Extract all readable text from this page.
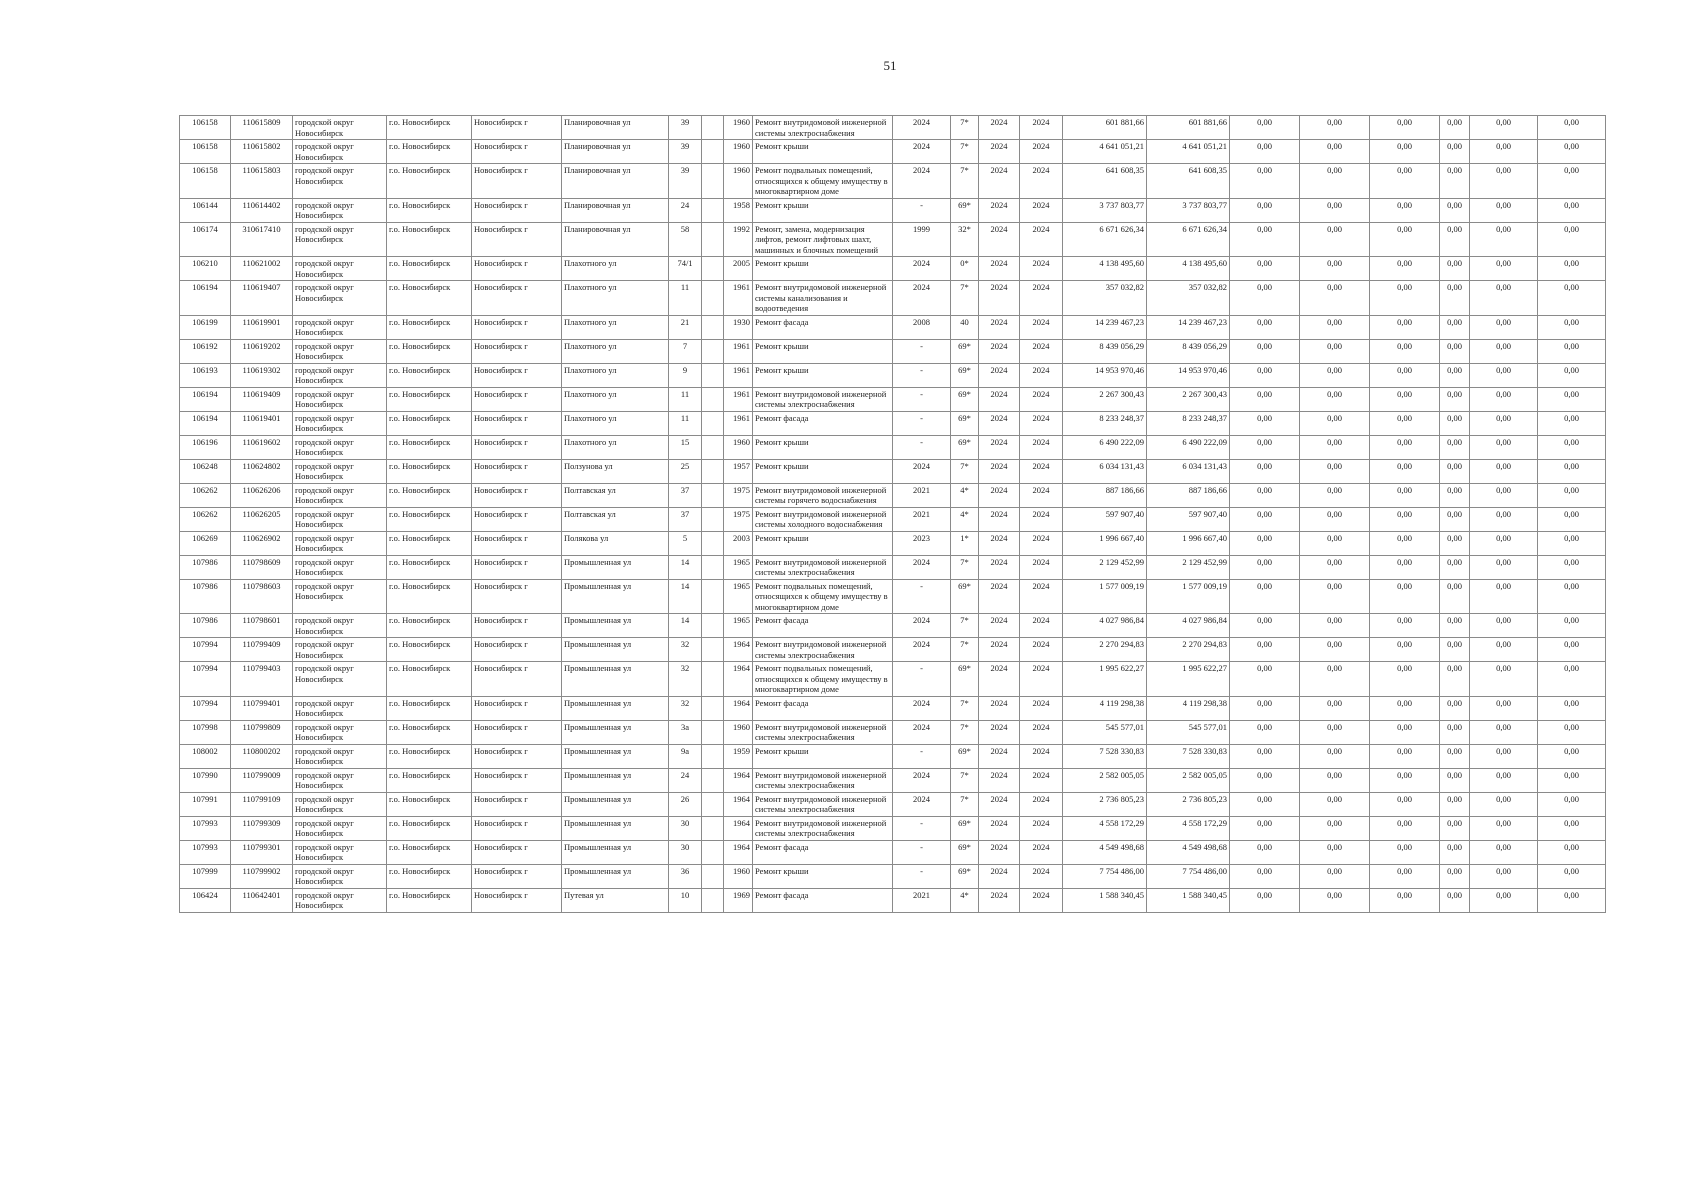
51
106158	110615809	городской округ Новосибирск	г.о. Новосибирск	Новосибирск г	Планировочная ул	39		1960	Ремонт внутридомовой инженерной системы электроснабжения	2024	7*	2024	2024	601 881,66	601 881,66	0,00	0,00	0,00	0,00	0,00	0,00
106158	110615802	городской округ Новосибирск	г.о. Новосибирск	Новосибирск г	Планировочная ул	39		1960	Ремонт крыши	2024	7*	2024	2024	4 641 051,21	4 641 051,21	0,00	0,00	0,00	0,00	0,00	0,00
106158	110615803	городской округ Новосибирск	г.о. Новосибирск	Новосибирск г	Планировочная ул	39		1960	Ремонт подвальных помещений, относящихся к общему имуществу в многоквартирном доме	2024	7*	2024	2024	641 608,35	641 608,35	0,00	0,00	0,00	0,00	0,00	0,00
106144	110614402	городской округ Новосибирск	г.о. Новосибирск	Новосибирск г	Планировочная ул	24		1958	Ремонт крыши	-	69*	2024	2024	3 737 803,77	3 737 803,77	0,00	0,00	0,00	0,00	0,00	0,00
106174	310617410	городской округ Новосибирск	г.о. Новосибирск	Новосибирск г	Планировочная ул	58		1992	Ремонт, замена, модернизация лифтов, ремонт лифтовых шахт, машинных и блочных помещений	1999	32*	2024	2024	6 671 626,34	6 671 626,34	0,00	0,00	0,00	0,00	0,00	0,00
106210	110621002	городской округ Новосибирск	г.о. Новосибирск	Новосибирск г	Плахотного ул	74/1		2005	Ремонт крыши	2024	0*	2024	2024	4 138 495,60	4 138 495,60	0,00	0,00	0,00	0,00	0,00	0,00
106194	110619407	городской округ Новосибирск	г.о. Новосибирск	Новосибирск г	Плахотного ул	11		1961	Ремонт внутридомовой инженерной системы канализования и водоотведения	2024	7*	2024	2024	357 032,82	357 032,82	0,00	0,00	0,00	0,00	0,00	0,00
106199	110619901	городской округ Новосибирск	г.о. Новосибирск	Новосибирск г	Плахотного ул	21		1930	Ремонт фасада	2008	40	2024	2024	14 239 467,23	14 239 467,23	0,00	0,00	0,00	0,00	0,00	0,00
106192	110619202	городской округ Новосибирск	г.о. Новосибирск	Новосибирск г	Плахотного ул	7		1961	Ремонт крыши	-	69*	2024	2024	8 439 056,29	8 439 056,29	0,00	0,00	0,00	0,00	0,00	0,00
106193	110619302	городской округ Новосибирск	г.о. Новосибирск	Новосибирск г	Плахотного ул	9		1961	Ремонт крыши	-	69*	2024	2024	14 953 970,46	14 953 970,46	0,00	0,00	0,00	0,00	0,00	0,00
106194	110619409	городской округ Новосибирск	г.о. Новосибирск	Новосибирск г	Плахотного ул	11		1961	Ремонт внутридомовой инженерной системы электроснабжения	-	69*	2024	2024	2 267 300,43	2 267 300,43	0,00	0,00	0,00	0,00	0,00	0,00
106194	110619401	городской округ Новосибирск	г.о. Новосибирск	Новосибирск г	Плахотного ул	11		1961	Ремонт фасада	-	69*	2024	2024	8 233 248,37	8 233 248,37	0,00	0,00	0,00	0,00	0,00	0,00
106196	110619602	городской округ Новосибирск	г.о. Новосибирск	Новосибирск г	Плахотного ул	15		1960	Ремонт крыши	-	69*	2024	2024	6 490 222,09	6 490 222,09	0,00	0,00	0,00	0,00	0,00	0,00
106248	110624802	городской округ Новосибирск	г.о. Новосибирск	Новосибирск г	Ползунова ул	25		1957	Ремонт крыши	2024	7*	2024	2024	6 034 131,43	6 034 131,43	0,00	0,00	0,00	0,00	0,00	0,00
106262	110626206	городской округ Новосибирск	г.о. Новосибирск	Новосибирск г	Полтавская ул	37		1975	Ремонт внутридомовой инженерной системы горячего водоснабжения	2021	4*	2024	2024	887 186,66	887 186,66	0,00	0,00	0,00	0,00	0,00	0,00
106262	110626205	городской округ Новосибирск	г.о. Новосибирск	Новосибирск г	Полтавская ул	37		1975	Ремонт внутридомовой инженерной системы холодного водоснабжения	2021	4*	2024	2024	597 907,40	597 907,40	0,00	0,00	0,00	0,00	0,00	0,00
106269	110626902	городской округ Новосибирск	г.о. Новосибирск	Новосибирск г	Полякова ул	5		2003	Ремонт крыши	2023	1*	2024	2024	1 996 667,40	1 996 667,40	0,00	0,00	0,00	0,00	0,00	0,00
107986	110798609	городской округ Новосибирск	г.о. Новосибирск	Новосибирск г	Промышленная ул	14		1965	Ремонт внутридомовой инженерной системы электроснабжения	2024	7*	2024	2024	2 129 452,99	2 129 452,99	0,00	0,00	0,00	0,00	0,00	0,00
107986	110798603	городской округ Новосибирск	г.о. Новосибирск	Новосибирск г	Промышленная ул	14		1965	Ремонт подвальных помещений, относящихся к общему имуществу в многоквартирном доме	-	69*	2024	2024	1 577 009,19	1 577 009,19	0,00	0,00	0,00	0,00	0,00	0,00
107986	110798601	городской округ Новосибирск	г.о. Новосибирск	Новосибирск г	Промышленная ул	14		1965	Ремонт фасада	2024	7*	2024	2024	4 027 986,84	4 027 986,84	0,00	0,00	0,00	0,00	0,00	0,00
107994	110799409	городской округ Новосибирск	г.о. Новосибирск	Новосибирск г	Промышленная ул	32		1964	Ремонт внутридомовой инженерной системы электроснабжения	2024	7*	2024	2024	2 270 294,83	2 270 294,83	0,00	0,00	0,00	0,00	0,00	0,00
107994	110799403	городской округ Новосибирск	г.о. Новосибирск	Новосибирск г	Промышленная ул	32		1964	Ремонт подвальных помещений, относящихся к общему имуществу в многоквартирном доме	-	69*	2024	2024	1 995 622,27	1 995 622,27	0,00	0,00	0,00	0,00	0,00	0,00
107994	110799401	городской округ Новосибирск	г.о. Новосибирск	Новосибирск г	Промышленная ул	32		1964	Ремонт фасада	2024	7*	2024	2024	4 119 298,38	4 119 298,38	0,00	0,00	0,00	0,00	0,00	0,00
107998	110799809	городской округ Новосибирск	г.о. Новосибирск	Новосибирск г	Промышленная ул	3а		1960	Ремонт внутридомовой инженерной системы электроснабжения	2024	7*	2024	2024	545 577,01	545 577,01	0,00	0,00	0,00	0,00	0,00	0,00
108002	110800202	городской округ Новосибирск	г.о. Новосибирск	Новосибирск г	Промышленная ул	9а		1959	Ремонт крыши	-	69*	2024	2024	7 528 330,83	7 528 330,83	0,00	0,00	0,00	0,00	0,00	0,00
107990	110799009	городской округ Новосибирск	г.о. Новосибирск	Новосибирск г	Промышленная ул	24		1964	Ремонт внутридомовой инженерной системы электроснабжения	2024	7*	2024	2024	2 582 005,05	2 582 005,05	0,00	0,00	0,00	0,00	0,00	0,00
107991	110799109	городской округ Новосибирск	г.о. Новосибирск	Новосибирск г	Промышленная ул	26		1964	Ремонт внутридомовой инженерной системы электроснабжения	2024	7*	2024	2024	2 736 805,23	2 736 805,23	0,00	0,00	0,00	0,00	0,00	0,00
107993	110799309	городской округ Новосибирск	г.о. Новосибирск	Новосибирск г	Промышленная ул	30		1964	Ремонт внутридомовой инженерной системы электроснабжения	-	69*	2024	2024	4 558 172,29	4 558 172,29	0,00	0,00	0,00	0,00	0,00	0,00
107993	110799301	городской округ Новосибирск	г.о. Новосибирск	Новосибирск г	Промышленная ул	30		1964	Ремонт фасада	-	69*	2024	2024	4 549 498,68	4 549 498,68	0,00	0,00	0,00	0,00	0,00	0,00
107999	110799902	городской округ Новосибирск	г.о. Новосибирск	Новосибирск г	Промышленная ул	36		1960	Ремонт крыши	-	69*	2024	2024	7 754 486,00	7 754 486,00	0,00	0,00	0,00	0,00	0,00	0,00
106424	110642401	городской округ Новосибирск	г.о. Новосибирск	Новосибирск г	Путевая ул	10		1969	Ремонт фасада	2021	4*	2024	2024	1 588 340,45	1 588 340,45	0,00	0,00	0,00	0,00	0,00	0,00
